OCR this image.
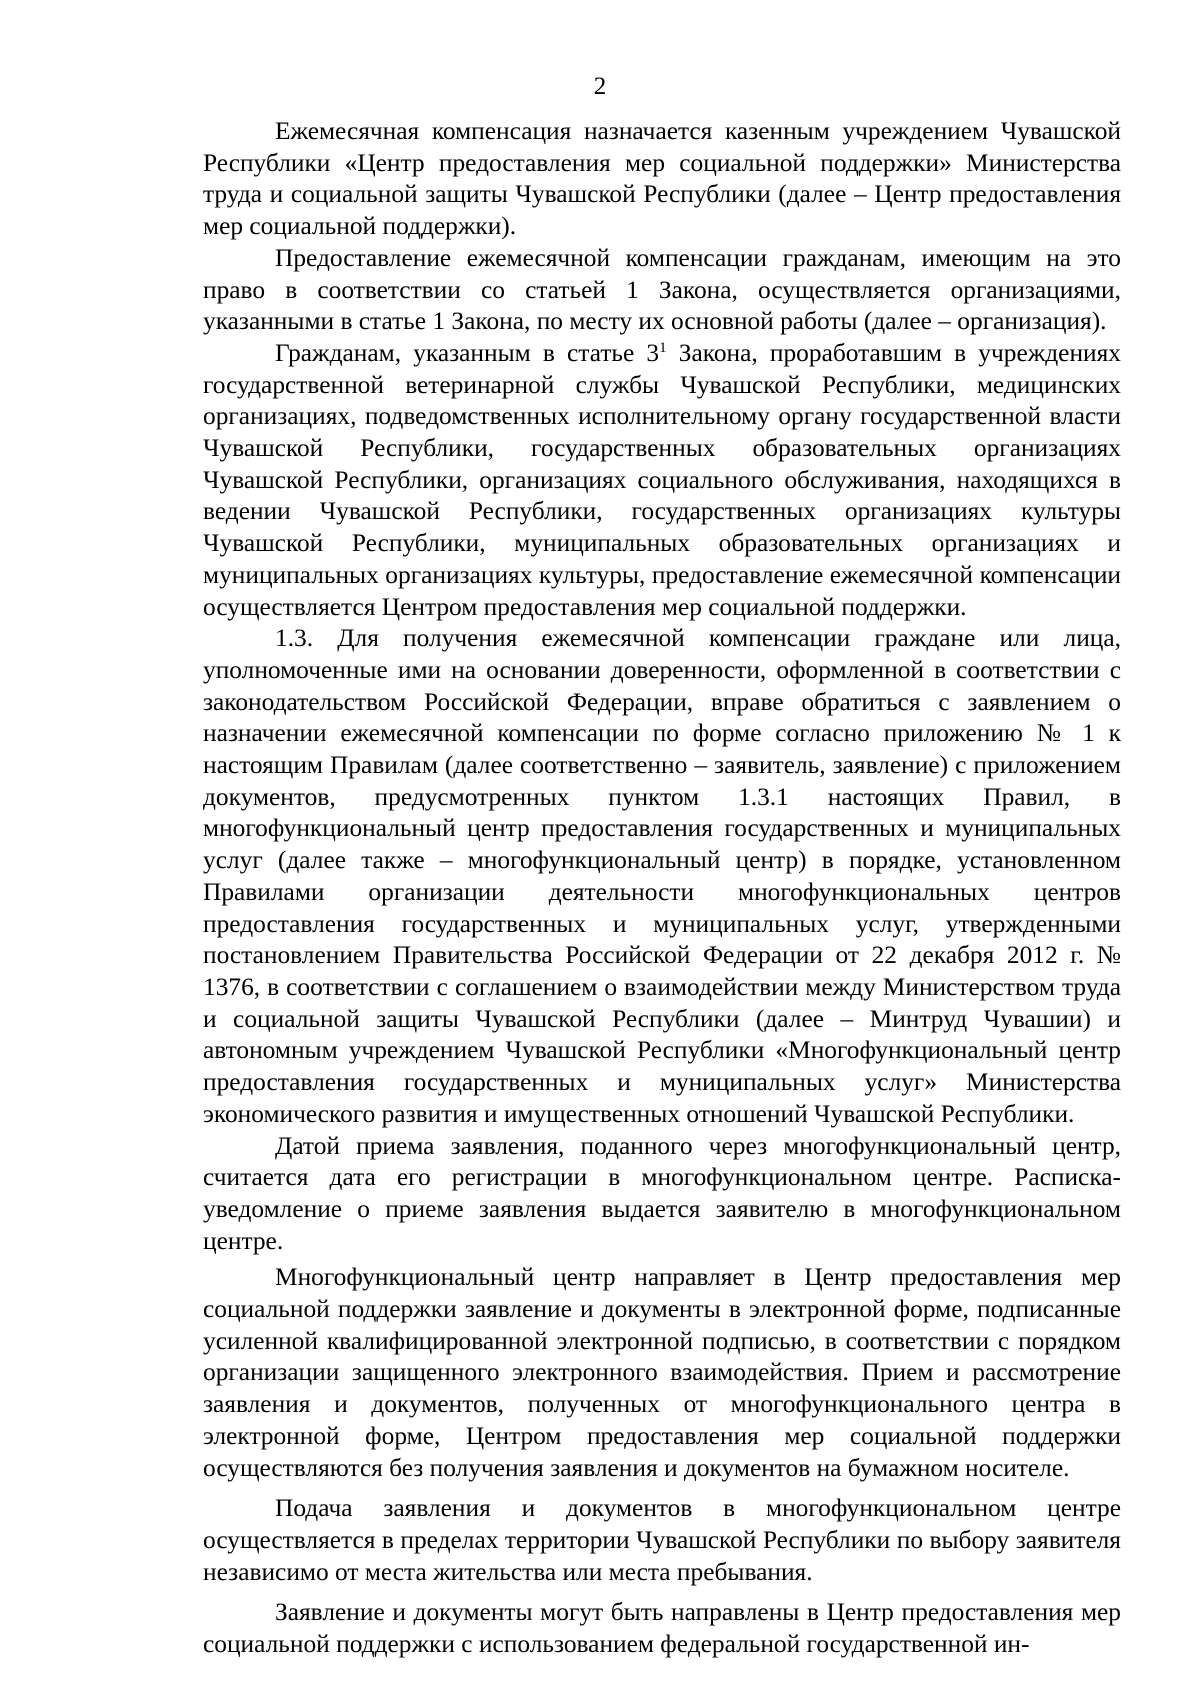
2

Ежемесячная компенсация назначается казенным учреждением Чувашской Республики «Центр предоставления мер социальной поддержки» Министерства труда и социальной защиты Чувашской Республики (далее – Центр предоставления мер социальной поддержки).

Предоставление ежемесячной компенсации гражданам, имеющим на это право в соответствии со статьей 1 Закона, осуществляется организациями, указанными в статье 1 Закона, по месту их основной работы (далее – организация).

Гражданам, указанным в статье $3^1$ Закона, проработавшим в учреждениях государственной ветеринарной службы Чувашской Республики, медицинских организациях, подведомственных исполнительному органу государственной власти Чувашской Республики, государственных образовательных организациях Чувашской Республики, организациях социального обслуживания, находящихся в ведении Чувашской Республики, государственных организациях культуры Чувашской Республики, муниципальных образовательных организациях и муниципальных организациях культуры, предоставление ежемесячной компенсации осуществляется Центром предоставления мер социальной поддержки.

1.3. Для получения ежемесячной компенсации граждане или лица, уполномоченные ими на основании доверенности, оформленной в соответствии с законодательством Российской Федерации, вправе обратиться с заявлением о назначении ежемесячной компенсации по форме согласно приложению № 1 к настоящим Правилам (далее соответственно – заявитель, заявление) с приложением документов, предусмотренных пунктом 1.3.1 настоящих Правил, в многофункциональный центр предоставления государственных и муниципальных услуг (далее также – многофункциональный центр) в порядке, установленном Правилами организации деятельности многофункциональных центров предоставления государственных и муниципальных услуг, утвержденными постановлением Правительства Российской Федерации от 22 декабря 2012 г. № 1376, в соответствии с соглашением о взаимодействии между Министерством труда и социальной защиты Чувашской Республики (далее – Минтруд Чувашии) и автономным учреждением Чувашской Республики «Многофункциональный центр предоставления государственных и муниципальных услуг» Министерства экономического развития и имущественных отношений Чувашской Республики.

Датой приема заявления, поданного через многофункциональный центр, считается дата его регистрации в многофункциональном центре. Расписка-уведомление о приеме заявления выдается заявителю в многофункциональном центре.

Многофункциональный центр направляет в Центр предоставления мер социальной поддержки заявление и документы в электронной форме, подписанные усиленной квалифицированной электронной подписью, в соответствии с порядком организации защищенного электронного взаимодействия. Прием и рассмотрение заявления и документов, полученных от многофункционального центра в электронной форме, Центром предоставления мер социальной поддержки осуществляются без получения заявления и документов на бумажном носителе.

Подача заявления и документов в многофункциональном центре осуществляется в пределах территории Чувашской Республики по выбору заявителя независимо от места жительства или места пребывания.

Заявление и документы могут быть направлены в Центр предоставления мер социальной поддержки с использованием федеральной государственной ин-
